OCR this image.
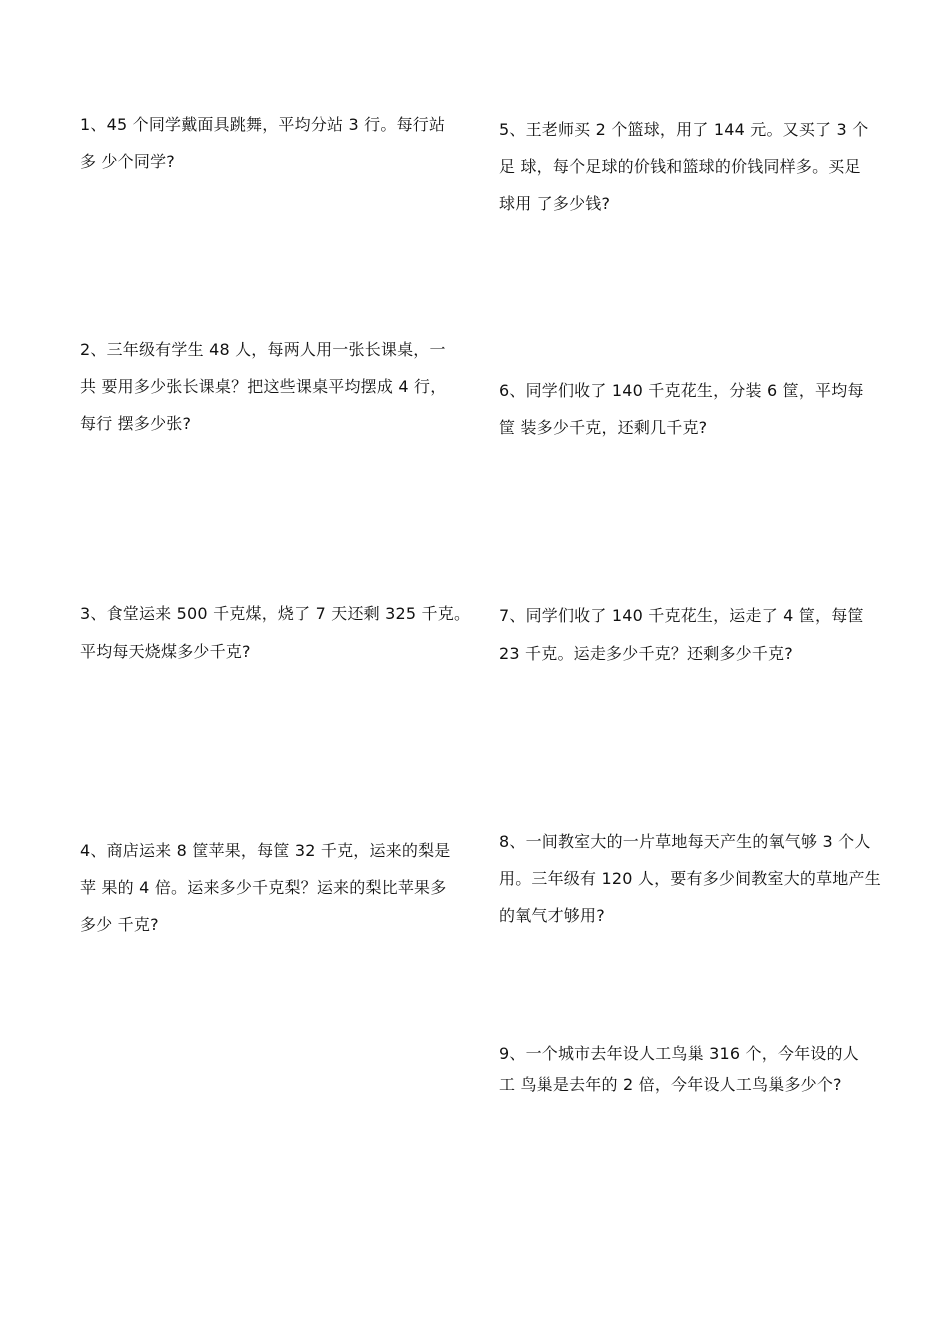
1、45 个同学戴面具跳舞，平均分站 3 行。每行站
多 少个同学?
2、三年级有学生 48 人，每两人用一张长课桌，一
共 要用多少张长课桌？把这些课桌平均摆成 4 行，
每行 摆多少张?
3、食堂运来 500 千克煤，烧了 7 天还剩 325 千克。
平均每天烧煤多少千克?
4、商店运来 8 筐苹果，每筐 32 千克，运来的梨是
苹 果的 4 倍。运来多少千克梨？运来的梨比苹果多
多少 千克?
5、王老师买 2 个篮球，用了 144 元。又买了 3 个
足 球，每个足球的价钱和篮球的价钱同样多。买足
球用 了多少钱?
6、同学们收了 140 千克花生，分装 6 筐，平均每
筐 装多少千克，还剩几千克?
7、同学们收了 140 千克花生，运走了 4 筐，每筐
23 千克。运走多少千克？还剩多少千克?
8、一间教室大的一片草地每天产生的氧气够 3 个人
用。三年级有 120 人，要有多少间教室大的草地产生
的氧气才够用?
9、一个城市去年设人工鸟巢 316 个，今年设的人
工 鸟巢是去年的 2 倍，今年设人工鸟巢多少个?
